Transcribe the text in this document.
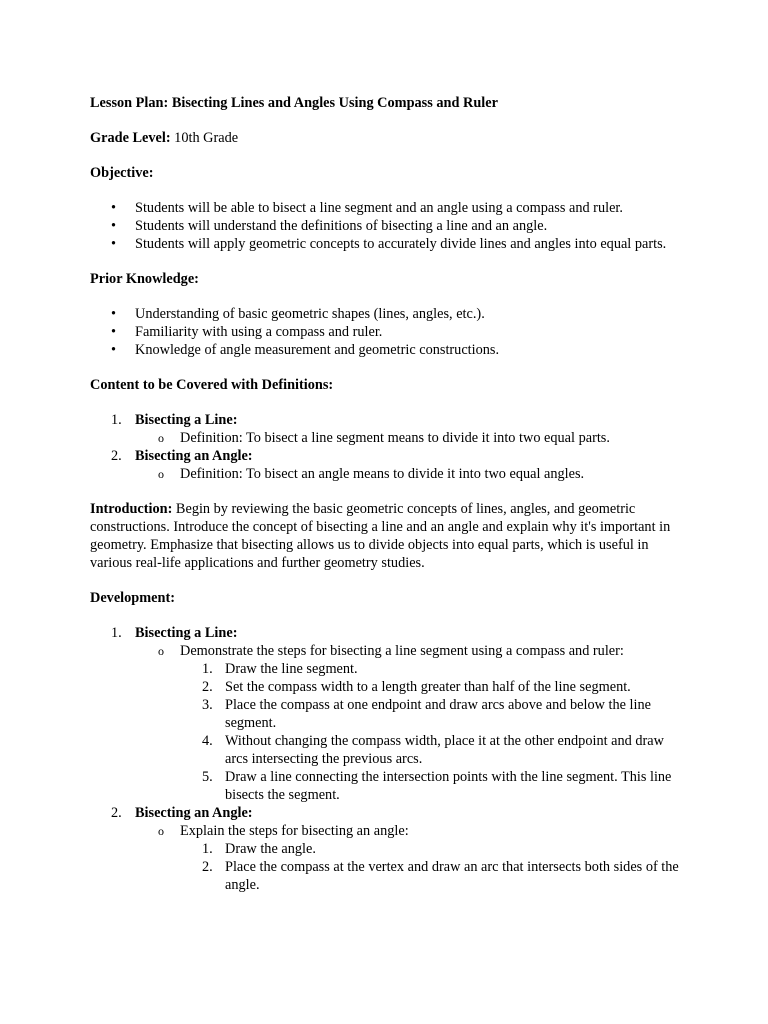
Lesson Plan: Bisecting Lines and Angles Using Compass and Ruler

Grade Level: 10th Grade

Objective:

• Students will be able to bisect a line segment and an angle using a compass and ruler.
• Students will understand the definitions of bisecting a line and an angle.
• Students will apply geometric concepts to accurately divide lines and angles into equal parts.

Prior Knowledge:

• Understanding of basic geometric shapes (lines, angles, etc.).
• Familiarity with using a compass and ruler.
• Knowledge of angle measurement and geometric constructions.

Content to be Covered with Definitions:

1. Bisecting a Line:
o Definition: To bisect a line segment means to divide it into two equal parts.
2. Bisecting an Angle:
o Definition: To bisect an angle means to divide it into two equal angles.

Introduction: Begin by reviewing the basic geometric concepts of lines, angles, and geometric constructions. Introduce the concept of bisecting a line and an angle and explain why it's important in geometry. Emphasize that bisecting allows us to divide objects into equal parts, which is useful in various real-life applications and further geometry studies.

Development:

1. Bisecting a Line:
o Demonstrate the steps for bisecting a line segment using a compass and ruler:
1. Draw the line segment.
2. Set the compass width to a length greater than half of the line segment.
3. Place the compass at one endpoint and draw arcs above and below the line segment.
4. Without changing the compass width, place it at the other endpoint and draw arcs intersecting the previous arcs.
5. Draw a line connecting the intersection points with the line segment. This line bisects the segment.
2. Bisecting an Angle:
o Explain the steps for bisecting an angle:
1. Draw the angle.
2. Place the compass at the vertex and draw an arc that intersects both sides of the angle.
